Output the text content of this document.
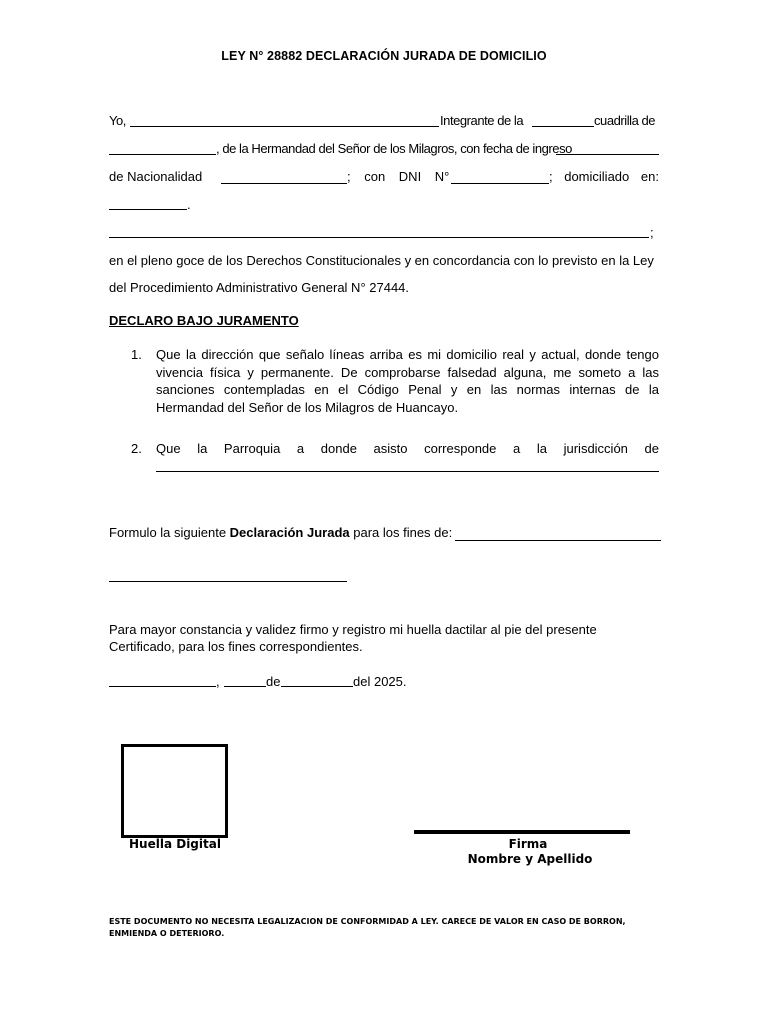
LEY N° 28882 DECLARACIÓN JURADA DE DOMICILIO
Yo,	Integrante de la	cuadrilla de
, de la Hermandad del Señor de los Milagros, con fecha de ingreso
de Nacionalidad	; con DNI N°	; domiciliado en:
.
;
en el pleno goce de los Derechos Constitucionales y en concordancia con lo previsto en la Ley
del Procedimiento Administrativo General N° 27444.
DECLARO BAJO JURAMENTO
1. Que la dirección que señalo líneas arriba es mi domicilio real y actual, donde tengo vivencia física y permanente. De comprobarse falsedad alguna, me someto a las sanciones contempladas en el Código Penal y en las normas internas de la Hermandad del Señor de los Milagros de Huancayo.
2. Que la Parroquia a donde asisto corresponde a la jurisdicción de
Formulo la siguiente Declaración Jurada para los fines de:
Para mayor constancia y validez firmo y registro mi huella dactilar al pie del presente Certificado, para los fines correspondientes.
,	de	del 2025.
Huella Digital	Firma
Nombre y Apellido
ESTE DOCUMENTO NO NECESITA LEGALIZACION DE CONFORMIDAD A LEY. CARECE DE VALOR EN CASO DE BORRON, ENMIENDA O DETERIORO.
